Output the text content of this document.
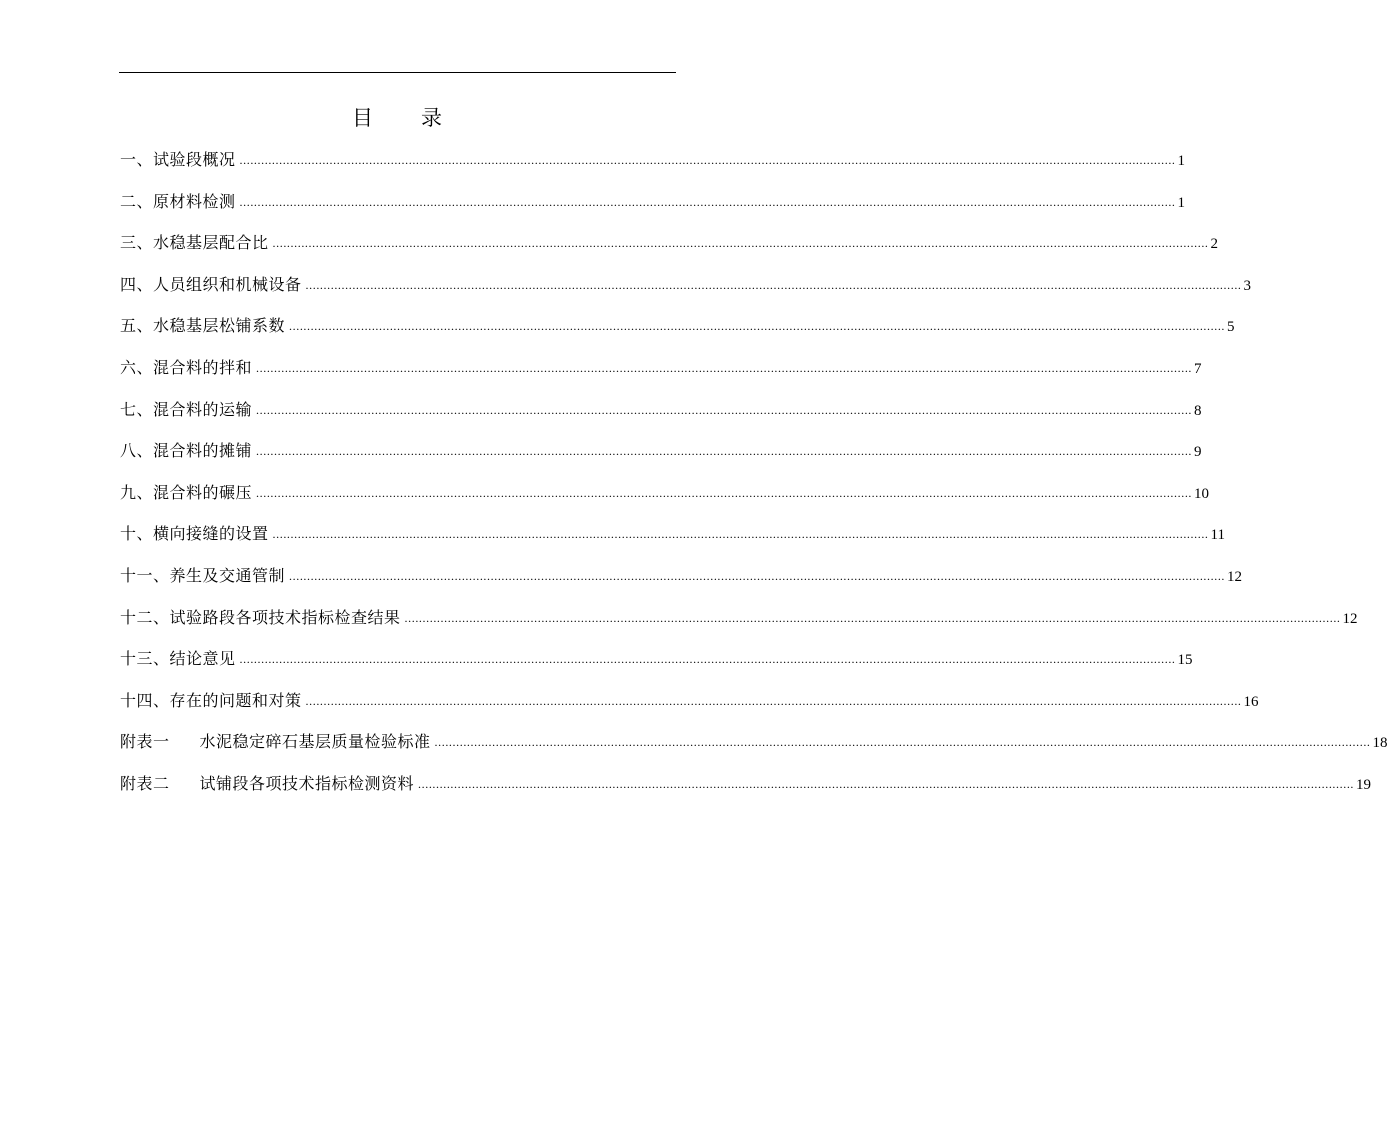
目 录
一、试验段概况 .................................................................................................................................................................................................................................................................... 1
二、原材料检测 .................................................................................................................................................................................................................................................................... 1
三、水稳基层配合比 .................................................................................................................................................................................................................................................................... 2
四、人员组织和机械设备 .................................................................................................................................................................................................................................................................... 3
五、水稳基层松铺系数 .................................................................................................................................................................................................................................................................... 5
六、混合料的拌和 .................................................................................................................................................................................................................................................................... 7
七、混合料的运输 .................................................................................................................................................................................................................................................................... 8
八、混合料的摊铺 .................................................................................................................................................................................................................................................................... 9
九、混合料的碾压 .................................................................................................................................................................................................................................................................... 10
十、横向接缝的设置 .................................................................................................................................................................................................................................................................... 11
十一、养生及交通管制 .................................................................................................................................................................................................................................................................... 12
十二、试验路段各项技术指标检查结果 .................................................................................................................................................................................................................................................................... 12
十三、结论意见 .................................................................................................................................................................................................................................................................... 15
十四、存在的问题和对策 .................................................................................................................................................................................................................................................................... 16
附表一 水泥稳定碎石基层质量检验标准 .................................................................................................................................................................................................................................................................... 18
附表二 试铺段各项技术指标检测资料 .................................................................................................................................................................................................................................................................... 19
